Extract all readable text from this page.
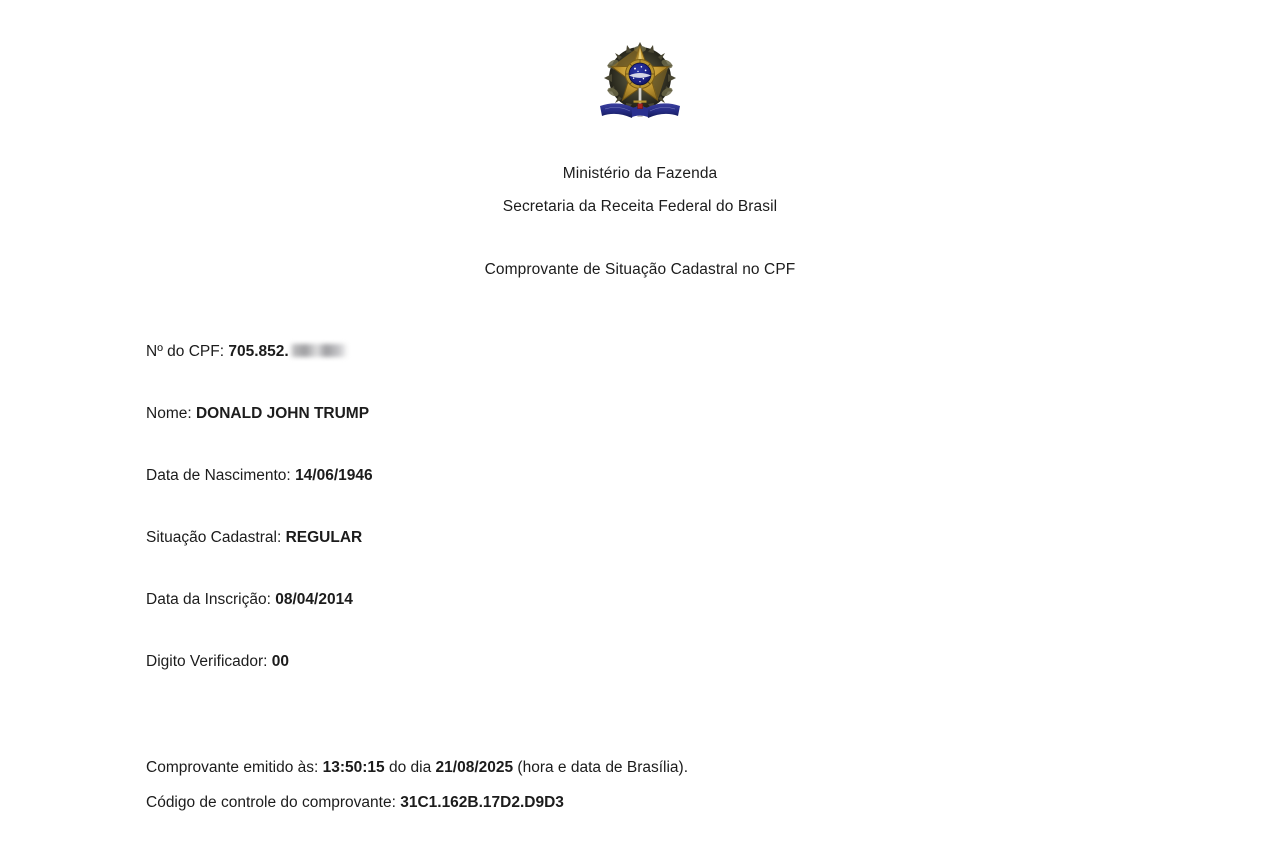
Ministério da Fazenda
Secretaria da Receita Federal do Brasil
Comprovante de Situação Cadastral no CPF
Nº do CPF: 705.852.
Nome: DONALD JOHN TRUMP
Data de Nascimento: 14/06/1946
Situação Cadastral: REGULAR
Data da Inscrição: 08/04/2014
Digito Verificador: 00
Comprovante emitido às: 13:50:15 do dia 21/08/2025 (hora e data de Brasília).
Código de controle do comprovante: 31C1.162B.17D2.D9D3
